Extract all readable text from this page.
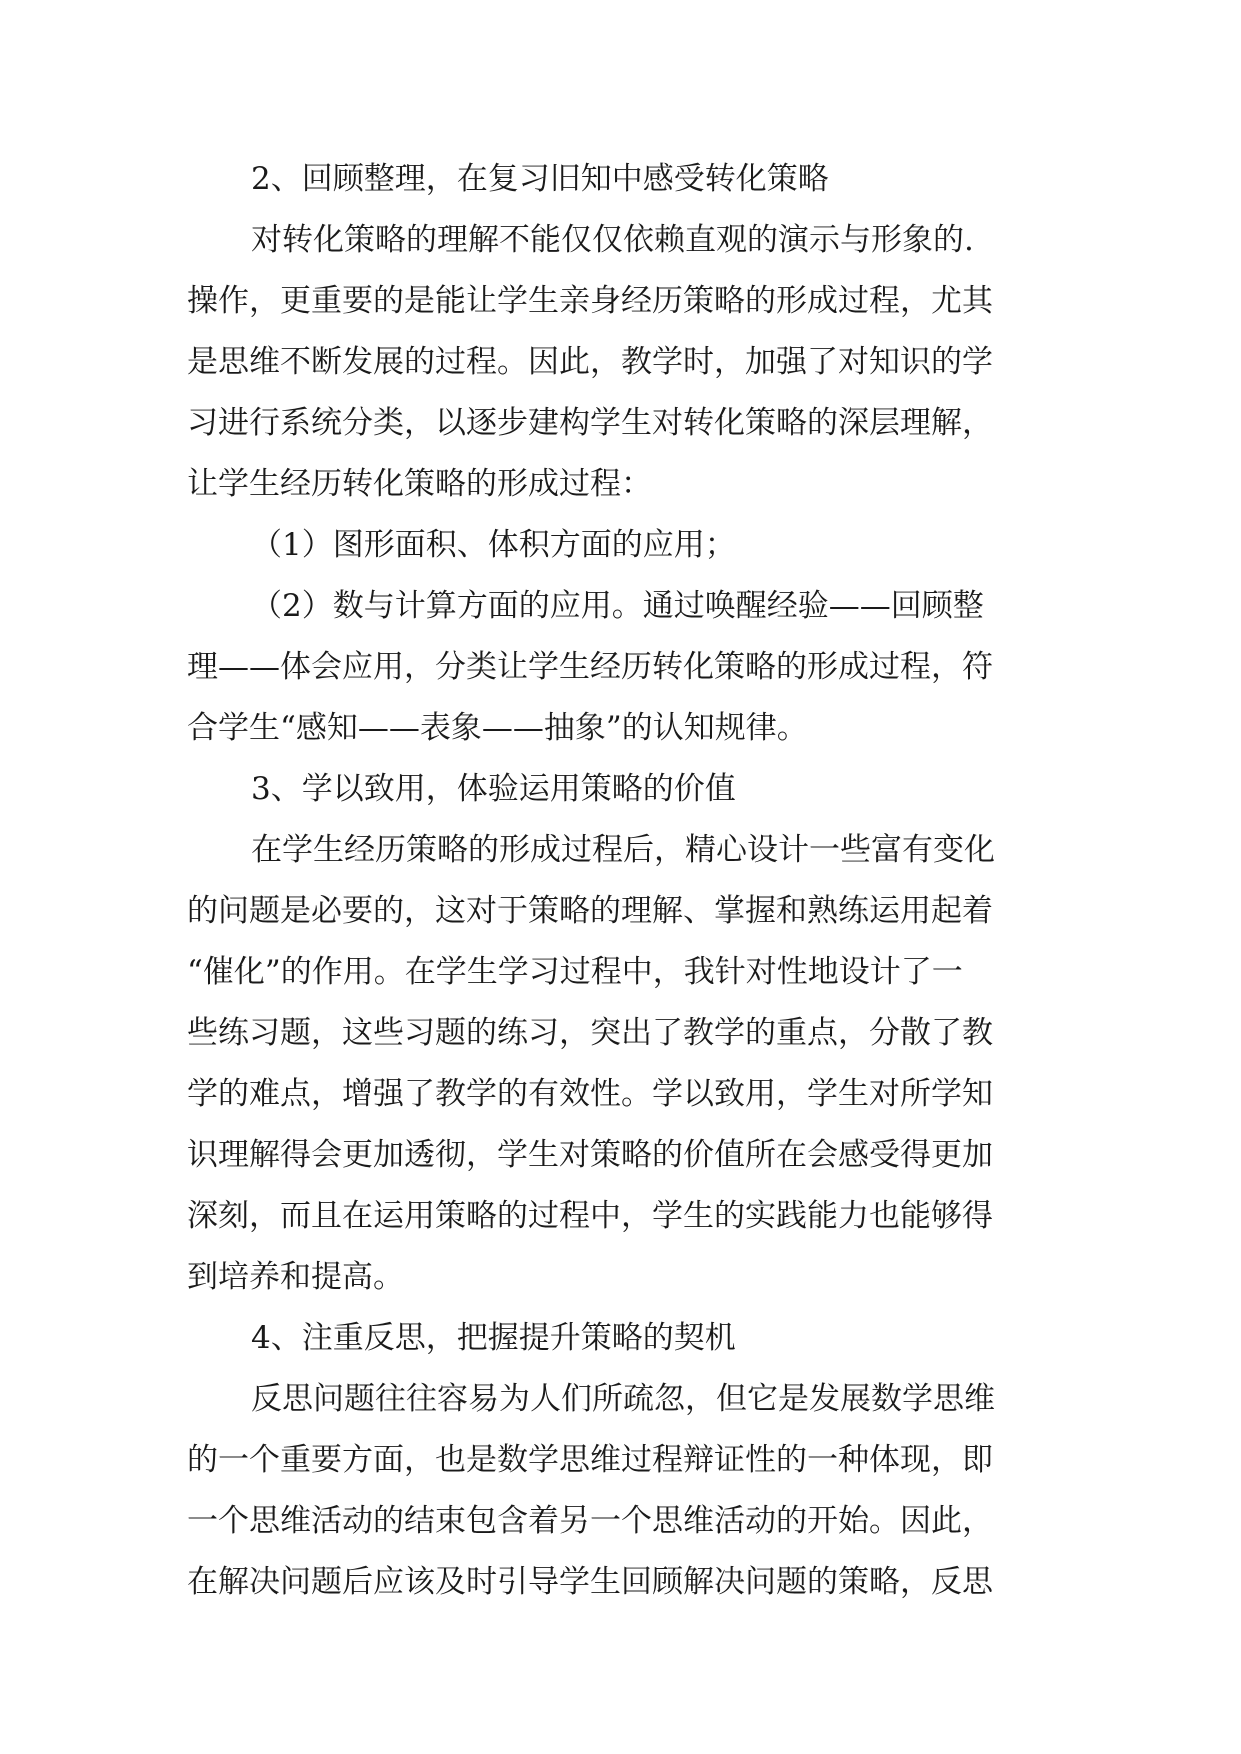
2、回顾整理，在复习旧知中感受转化策略
对转化策略的理解不能仅仅依赖直观的演示与形象的.
操作，更重要的是能让学生亲身经历策略的形成过程，尤其
是思维不断发展的过程。因此，教学时，加强了对知识的学
习进行系统分类，以逐步建构学生对转化策略的深层理解，
让学生经历转化策略的形成过程：
（1）图形面积、体积方面的应用；
（2）数与计算方面的应用。通过唤醒经验——回顾整
理——体会应用，分类让学生经历转化策略的形成过程，符
合学生“感知——表象——抽象”的认知规律。
3、学以致用，体验运用策略的价值
在学生经历策略的形成过程后，精心设计一些富有变化
的问题是必要的，这对于策略的理解、掌握和熟练运用起着
“催化”的作用。在学生学习过程中，我针对性地设计了一
些练习题，这些习题的练习，突出了教学的重点，分散了教
学的难点，增强了教学的有效性。学以致用，学生对所学知
识理解得会更加透彻，学生对策略的价值所在会感受得更加
深刻，而且在运用策略的过程中，学生的实践能力也能够得
到培养和提高。
4、注重反思，把握提升策略的契机
反思问题往往容易为人们所疏忽，但它是发展数学思维
的一个重要方面，也是数学思维过程辩证性的一种体现，即
一个思维活动的结束包含着另一个思维活动的开始。因此，
在解决问题后应该及时引导学生回顾解决问题的策略，反思
